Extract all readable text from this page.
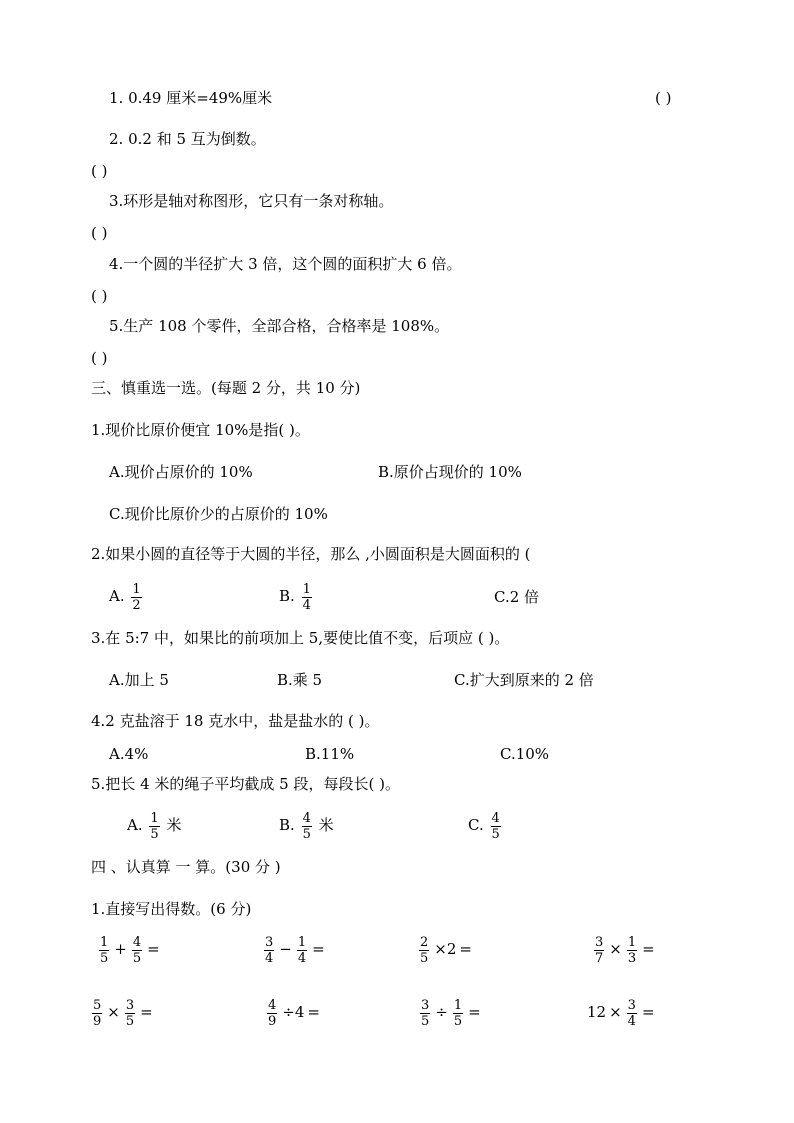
1. 0.49 厘米=49%厘米	( )
2. 0.2 和 5 互为倒数。
( )
3.环形是轴对称图形，它只有一条对称轴。
( )
4.一个圆的半径扩大 3 倍，这个圆的面积扩大 6 倍。
( )
5.生产 108 个零件，全部合格，合格率是 108%。
( )
三、慎重选一选。(每题 2 分，共 10 分)
1.现价比原价便宜 10%是指( )。
A.现价占原价的 10%	B.原价占现价的 10%
C.现价比原价少的占原价的 10%
2.如果小圆的直径等于大圆的半径，那么 ,小圆面积是大圆面积的 (
A. $\frac{1}{2}$	B. $\frac{1}{4}$	C.2 倍
3.在 5:7 中，如果比的前项加上 5,要使比值不变，后项应 ( )。
A.加上 5	B.乘 5	C.扩大到原来的 2 倍
4.2 克盐溶于 18 克水中，盐是盐水的 ( )。
A.4%	B.11%	C.10%
5.把长 4 米的绳子平均截成 5 段，每段长( )。
A. $\frac{1}{5}$ 米	B. $\frac{4}{5}$ 米	C. $\frac{4}{5}$
四 、认真算 一 算。(30 分 )
1.直接写出得数。(6 分)
$\frac{1}{5} + \frac{4}{5}$ =	$\frac{3}{4} - \frac{1}{4}$ =	$\frac{2}{5} \times 2$ =	$\frac{3}{7} \times \frac{1}{3}$ =
$\frac{5}{9} \times \frac{3}{5}$ =	$\frac{4}{9} \div 4$ =	$\frac{3}{5} \div \frac{1}{5}$ =	$12 \times \frac{3}{4}$ =
